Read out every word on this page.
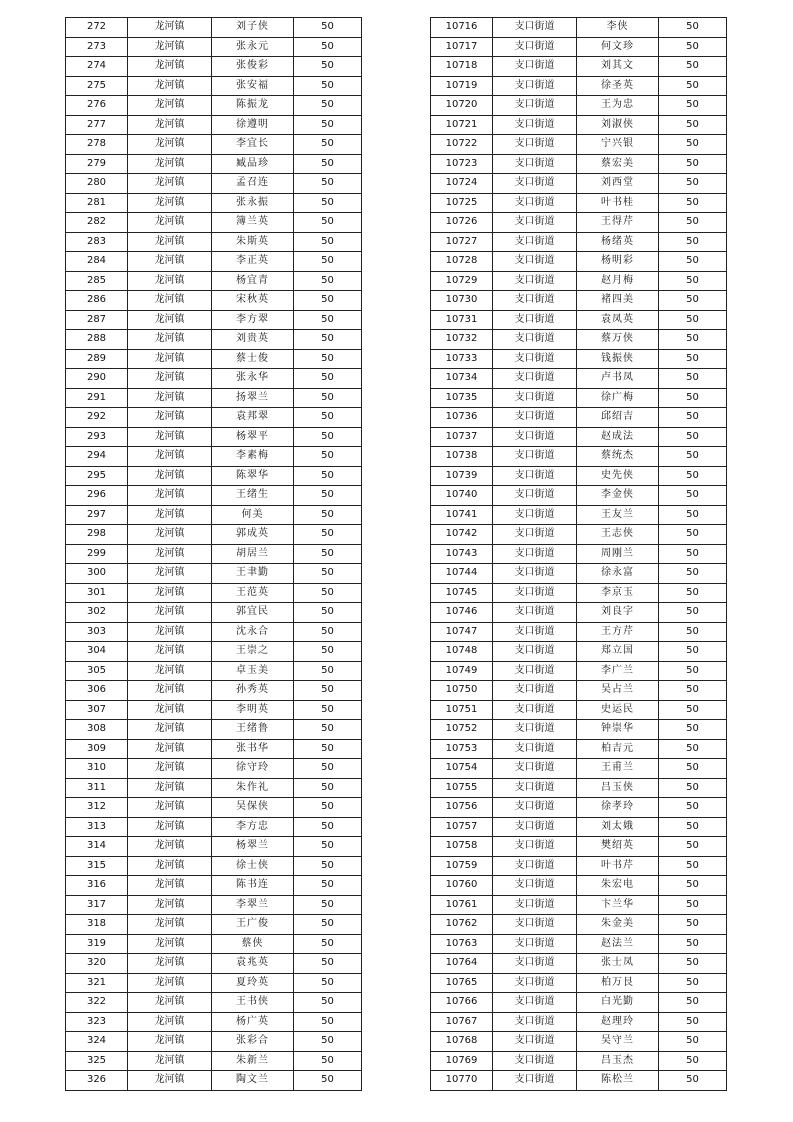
272	龙河镇	刘子侠	50
273	龙河镇	张永元	50
274	龙河镇	张俊彩	50
275	龙河镇	张安福	50
276	龙河镇	陈振龙	50
277	龙河镇	徐遵明	50
278	龙河镇	李宜长	50
279	龙河镇	臧品珍	50
280	龙河镇	孟召连	50
281	龙河镇	张永振	50
282	龙河镇	簿兰英	50
283	龙河镇	朱斯英	50
284	龙河镇	李正英	50
285	龙河镇	杨宜青	50
286	龙河镇	宋秋英	50
287	龙河镇	李方翠	50
288	龙河镇	刘贵英	50
289	龙河镇	蔡士俊	50
290	龙河镇	张永华	50
291	龙河镇	扬翠兰	50
292	龙河镇	袁邦翠	50
293	龙河镇	杨翠平	50
294	龙河镇	李素梅	50
295	龙河镇	陈翠华	50
296	龙河镇	王绪生	50
297	龙河镇	何美	50
298	龙河镇	郭成英	50
299	龙河镇	胡居兰	50
300	龙河镇	王聿勤	50
301	龙河镇	王范英	50
302	龙河镇	郭宜民	50
303	龙河镇	沈永合	50
304	龙河镇	王崇之	50
305	龙河镇	卓玉美	50
306	龙河镇	孙秀英	50
307	龙河镇	李明英	50
308	龙河镇	王绪鲁	50
309	龙河镇	张书华	50
310	龙河镇	徐守玲	50
311	龙河镇	朱作礼	50
312	龙河镇	吴保侠	50
313	龙河镇	李方忠	50
314	龙河镇	杨翠兰	50
315	龙河镇	徐士侠	50
316	龙河镇	陈书连	50
317	龙河镇	李翠兰	50
318	龙河镇	王广俊	50
319	龙河镇	蔡侠	50
320	龙河镇	袁兆英	50
321	龙河镇	夏玲英	50
322	龙河镇	王书侠	50
323	龙河镇	杨广英	50
324	龙河镇	张彩合	50
325	龙河镇	朱新兰	50
326	龙河镇	陶文兰	50
10716	支口街道	李侠	50
10717	支口街道	何文珍	50
10718	支口街道	刘其文	50
10719	支口街道	徐圣英	50
10720	支口街道	王为忠	50
10721	支口街道	刘淑侠	50
10722	支口街道	宁兴银	50
10723	支口街道	蔡宏美	50
10724	支口街道	刘西堂	50
10725	支口街道	叶书桂	50
10726	支口街道	王得芹	50
10727	支口街道	杨绪英	50
10728	支口街道	杨明彩	50
10729	支口街道	赵月梅	50
10730	支口街道	褚四美	50
10731	支口街道	袁凤英	50
10732	支口街道	蔡万侠	50
10733	支口街道	钱振侠	50
10734	支口街道	卢书凤	50
10735	支口街道	徐广梅	50
10736	支口街道	邱绍吉	50
10737	支口街道	赵成法	50
10738	支口街道	蔡统杰	50
10739	支口街道	史先侠	50
10740	支口街道	李金侠	50
10741	支口街道	王友兰	50
10742	支口街道	王志侠	50
10743	支口街道	周刚兰	50
10744	支口街道	徐永富	50
10745	支口街道	李京玉	50
10746	支口街道	刘良字	50
10747	支口街道	王方芹	50
10748	支口街道	郑立国	50
10749	支口街道	李广兰	50
10750	支口街道	吴占兰	50
10751	支口街道	史运民	50
10752	支口街道	钟崇华	50
10753	支口街道	柏吉元	50
10754	支口街道	王甫兰	50
10755	支口街道	吕玉侠	50
10756	支口街道	徐孝玲	50
10757	支口街道	刘太娥	50
10758	支口街道	樊绍英	50
10759	支口街道	叶书芹	50
10760	支口街道	朱宏电	50
10761	支口街道	卞兰华	50
10762	支口街道	朱金美	50
10763	支口街道	赵法兰	50
10764	支口街道	张士凤	50
10765	支口街道	柏万艮	50
10766	支口街道	白光勤	50
10767	支口街道	赵理玲	50
10768	支口街道	吴守兰	50
10769	支口街道	吕玉杰	50
10770	支口街道	陈松兰	50
